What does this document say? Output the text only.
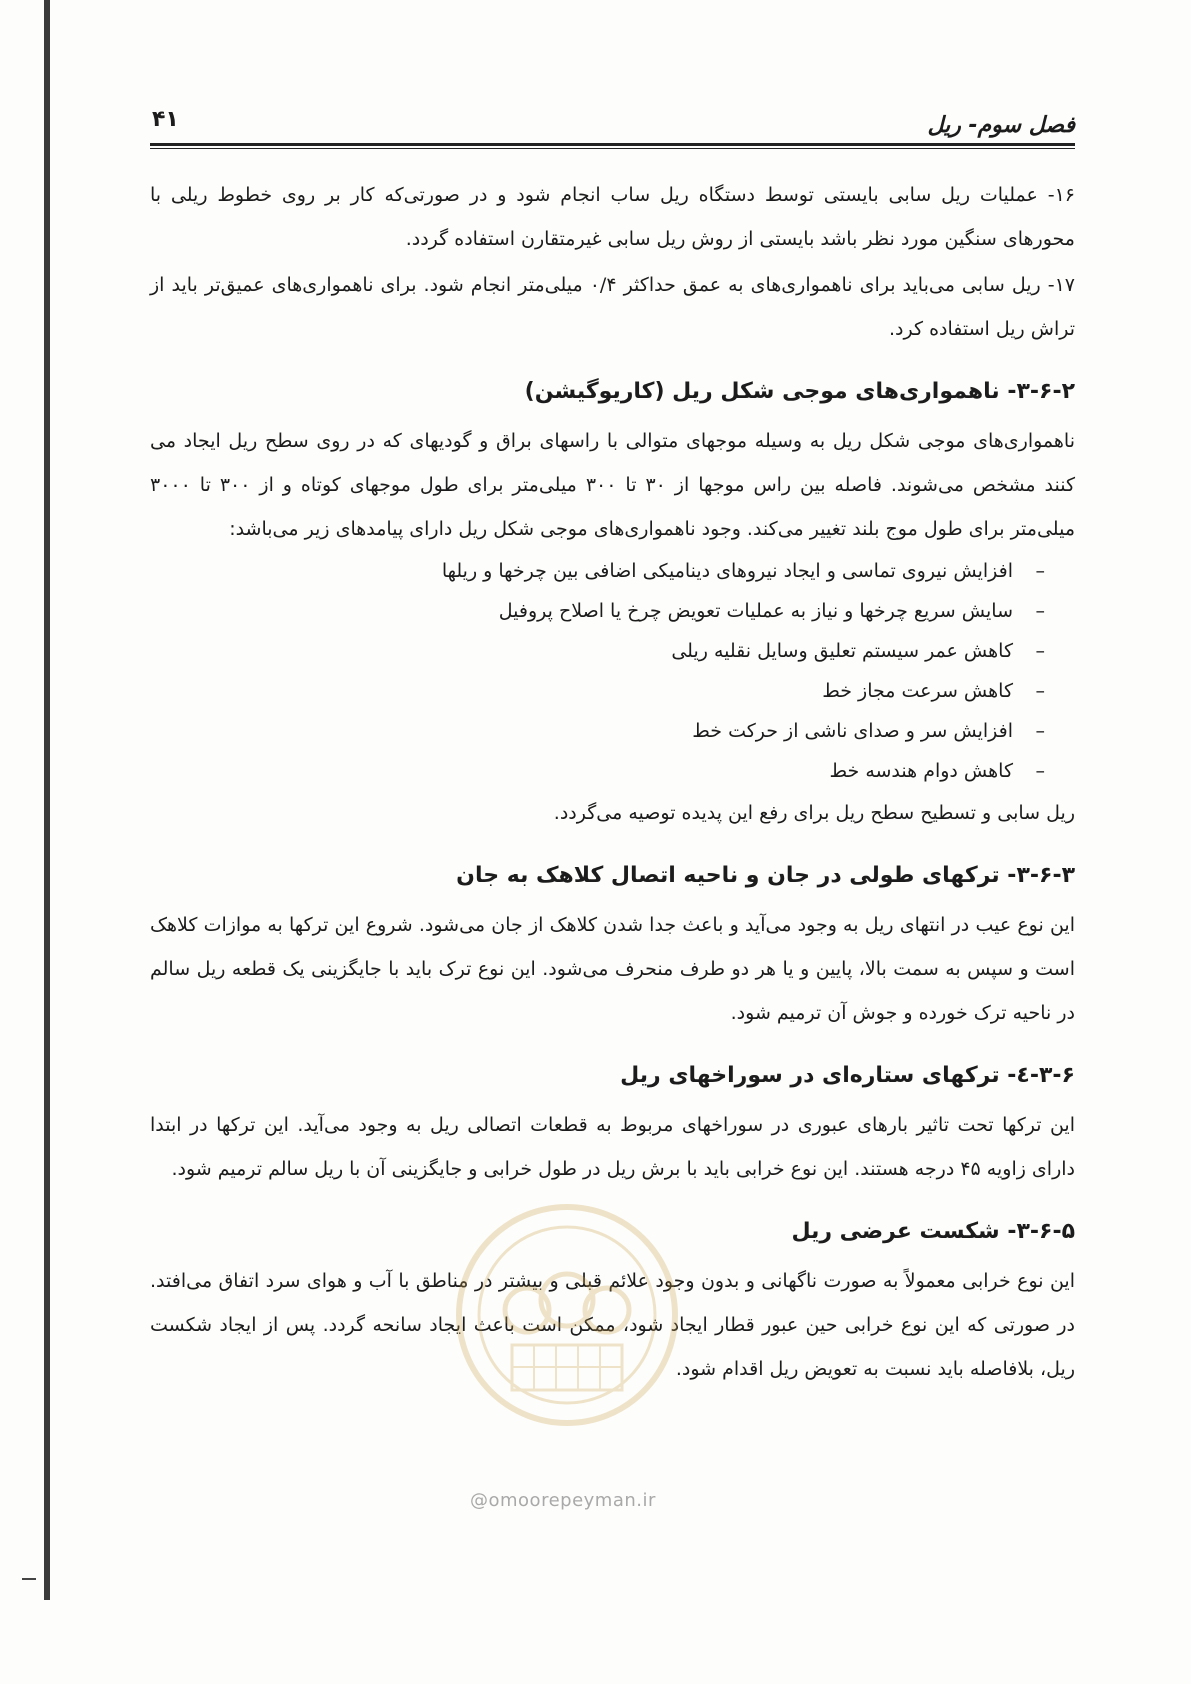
فصل سوم- ریل
۴۱

۱۶- عملیات ریل سابی بایستی توسط دستگاه ریل ساب انجام شود و در صورتی‌که کار بر روی خطوط ریلی با محورهای سنگین مورد نظر باشد بایستی از روش ریل سابی غیرمتقارن استفاده گردد.

۱۷- ریل سابی می‌باید برای ناهمواری‌های به عمق حداکثر ۰/۴ میلی‌متر انجام شود. برای ناهمواری‌های عمیق‌تر باید از تراش ریل استفاده کرد.

۳-۶-۲- ناهمواری‌های موجی شکل ریل (کاریوگیشن)

ناهمواری‌های موجی شکل ریل به وسیله موجهای متوالی با راسهای براق و گودیهای که در روی سطح ریل ایجاد می کنند مشخص می‌شوند. فاصله بین راس موجها از ۳۰ تا ۳۰۰ میلی‌متر برای طول موجهای کوتاه و از ۳۰۰ تا ۳۰۰۰ میلی‌متر برای طول موج بلند تغییر می‌کند. وجود ناهمواری‌های موجی شکل ریل دارای پیامدهای زیر می‌باشد:

–افزایش نیروی تماسی و ایجاد نیروهای دینامیکی اضافی بین چرخها و ریلها
–سایش سریع چرخها و نیاز به عملیات تعویض چرخ یا اصلاح پروفیل
–کاهش عمر سیستم تعلیق وسایل نقلیه ریلی
–کاهش سرعت مجاز خط
–افزایش سر و صدای ناشی از حرکت خط
–کاهش دوام هندسه خط

ریل سابی و تسطیح سطح ریل برای رفع این پدیده توصیه می‌گردد.

۳-۶-۳- ترکهای طولی در جان و ناحیه اتصال کلاهک به جان

این نوع عیب در انتهای ریل به وجود می‌آید و باعث جدا شدن کلاهک از جان می‌شود. شروع این ترکها به موازات کلاهک است و سپس به سمت بالا، پایین و یا هر دو طرف منحرف می‌شود. این نوع ترک باید با جایگزینی یک قطعه ریل سالم در ناحیه ترک خورده و جوش آن ترمیم شود.

۳-۶-٤- ترکهای ستاره‌ای در سوراخهای ریل

این ترکها تحت تاثیر بارهای عبوری در سوراخهای مربوط به قطعات اتصالی ریل به وجود می‌آید. این ترکها در ابتدا دارای زاویه ۴۵ درجه هستند. این نوع خرابی باید با برش ریل در طول خرابی و جایگزینی آن با ریل سالم ترمیم شود.

۳-۶-۵- شکست عرضی ریل

این نوع خرابی معمولاً به صورت ناگهانی و بدون وجود علائم قبلی و بیشتر در مناطق با آب و هوای سرد اتفاق می‌افتد. در صورتی که این نوع خرابی حین عبور قطار ایجاد شود، ممکن است باعث ایجاد سانحه گردد. پس از ایجاد شکست ریل، بلافاصله باید نسبت به تعویض ریل اقدام شود.

@omoorepeyman.ir
